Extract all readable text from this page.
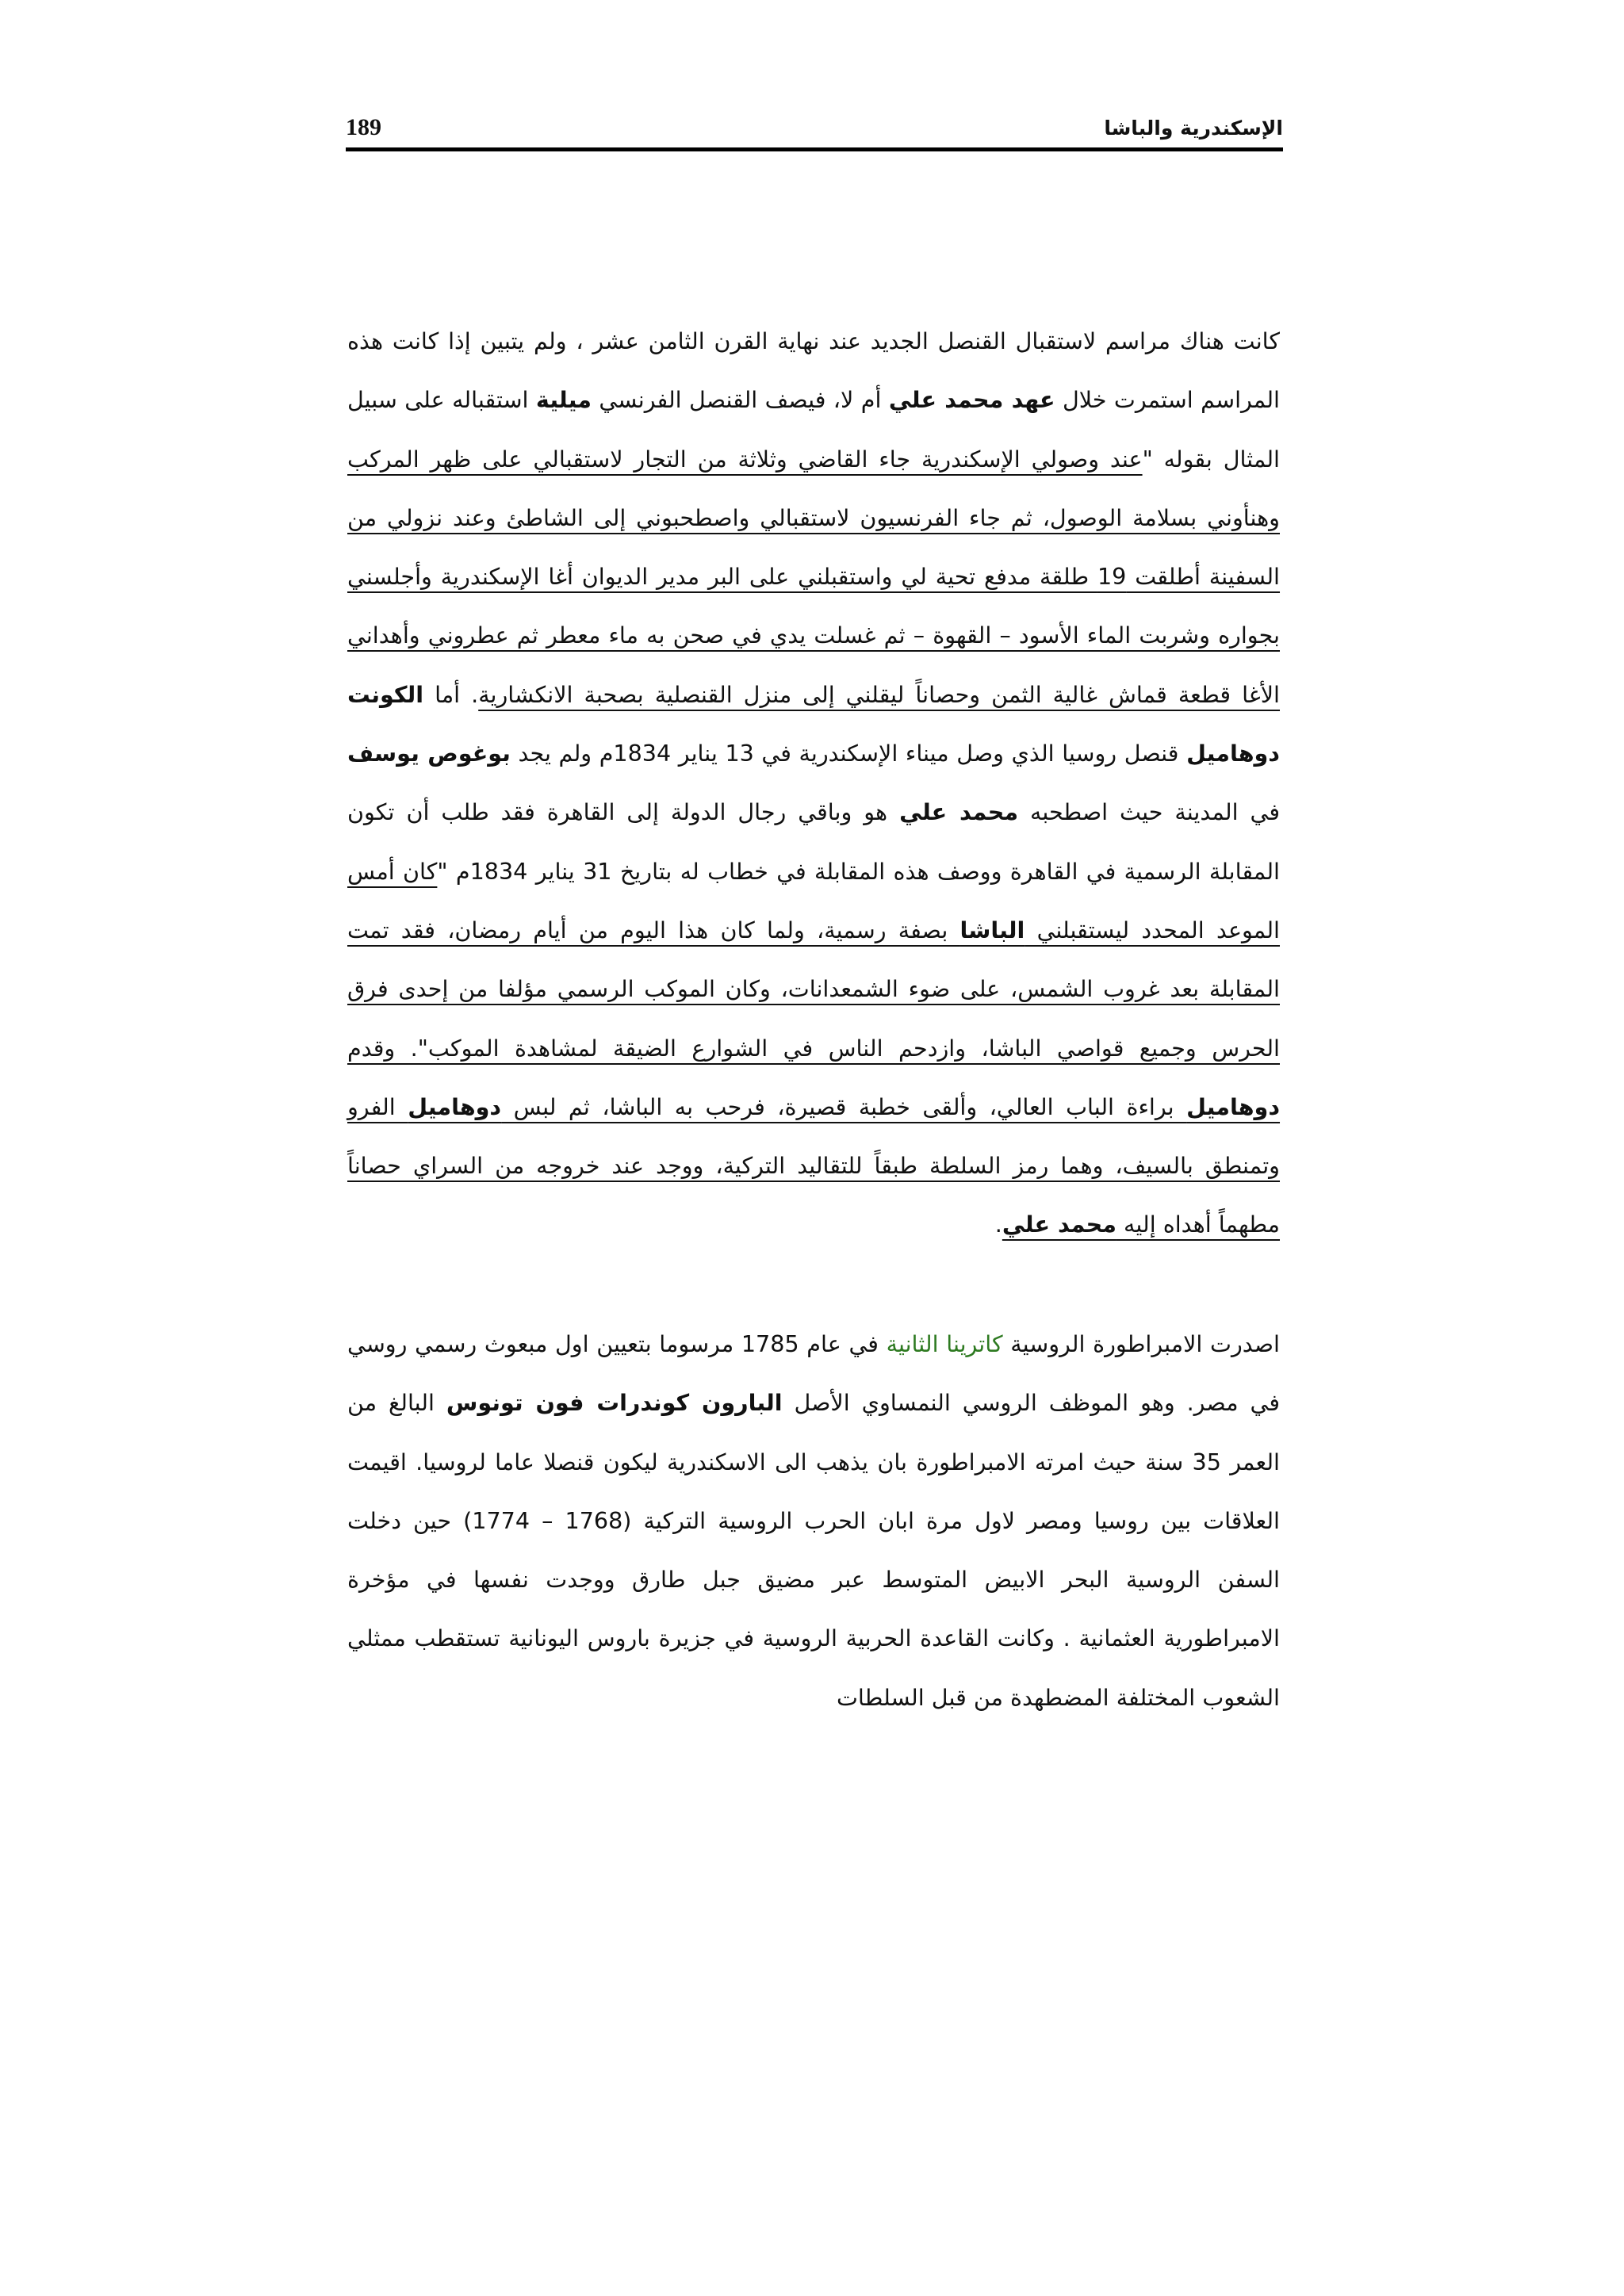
الإسكندرية والباشا
189

كانت هناك مراسم لاستقبال القنصل الجديد عند نهاية القرن الثامن عشر ، ولم يتبين إذا كانت هذه المراسم استمرت خلال عهد محمد علي أم لا، فيصف القنصل الفرنسي ميلية استقباله على سبيل المثال بقوله "عند وصولي الإسكندرية جاء القاضي وثلاثة من التجار لاستقبالي على ظهر المركب وهنأوني بسلامة الوصول، ثم جاء الفرنسيون لاستقبالي واصطحبوني إلى الشاطئ وعند نزولي من السفينة أطلقت 19 طلقة مدفع تحية لي واستقبلني على البر مدير الديوان أغا الإسكندرية وأجلسني بجواره وشربت الماء الأسود – القهوة – ثم غسلت يدي في صحن به ماء معطر ثم عطروني وأهداني الأغا قطعة قماش غالية الثمن وحصاناً ليقلني إلى منزل القنصلية بصحبة الانكشارية. أما الكونت دوهاميل قنصل روسيا الذي وصل ميناء الإسكندرية في 13 يناير 1834م ولم يجد بوغوص يوسف في المدينة حيث اصطحبه محمد علي هو وباقي رجال الدولة إلى القاهرة فقد طلب أن تكون المقابلة الرسمية في القاهرة ووصف هذه المقابلة في خطاب له بتاريخ 31 يناير 1834م "كان أمس الموعد المحدد ليستقبلني الباشا بصفة رسمية، ولما كان هذا اليوم من أيام رمضان، فقد تمت المقابلة بعد غروب الشمس، على ضوء الشمعدانات، وكان الموكب الرسمي مؤلفا من إحدى فرق الحرس وجميع قواصي الباشا، وازدحم الناس في الشوارع الضيقة لمشاهدة الموكب". وقدم دوهاميل براءة الباب العالي، وألقى خطبة قصيرة، فرحب به الباشا، ثم لبس دوهاميل الفرو وتمنطق بالسيف، وهما رمز السلطة طبقاً للتقاليد التركية، ووجد عند خروجه من السراي حصاناً مطهماً أهداه إليه محمد علي.

اصدرت الامبراطورة الروسية كاترينا الثانية في عام 1785 مرسوما بتعيين اول مبعوث رسمي روسي في مصر. وهو الموظف الروسي النمساوي الأصل البارون كوندرات فون تونوس البالغ من العمر 35 سنة حيث امرته الامبراطورة بان يذهب الى الاسكندرية ليكون قنصلا عاما لروسيا. اقيمت العلاقات بين روسيا ومصر لاول مرة ابان الحرب الروسية التركية (1768 – 1774) حين دخلت السفن الروسية البحر الابيض المتوسط عبر مضيق جبل طارق ووجدت نفسها في مؤخرة الامبراطورية العثمانية . وكانت القاعدة الحربية الروسية في جزيرة باروس اليونانية تستقطب ممثلي الشعوب المختلفة المضطهدة من قبل السلطات
